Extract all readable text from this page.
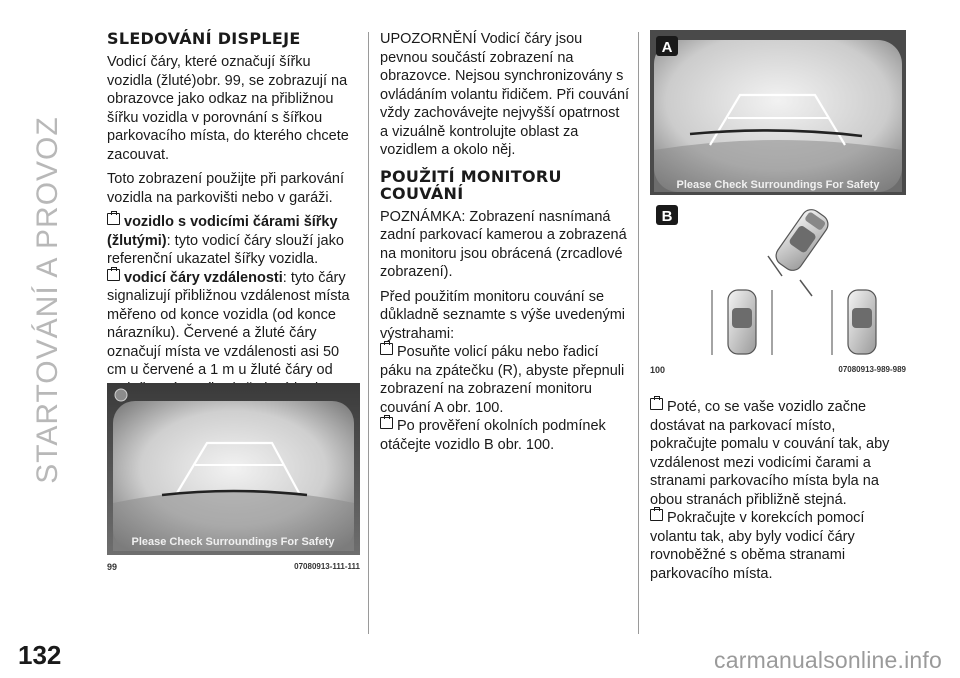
STARTOVÁNÍ A PROVOZ
132
SLEDOVÁNÍ DISPLEJE

Vodicí čáry, které označují šířku vozidla (žluté)obr. 99, se zobrazují na obrazovce jako odkaz na přibližnou šířku vozidla v porovnání s šířkou parkovacího místa, do kterého chcete zacouvat.

Toto zobrazení použijte při parkování vozidla na parkovišti nebo v garáži.

vozidlo s vodicími čárami šířky (žlutými): tyto vodicí čáry slouží jako referenční ukazatel šířky vozidla.

vodicí čáry vzdálenosti: tyto čáry signalizují přibližnou vzdálenost místa měřeno od konce vozidla (od konce nárazníku). Červené a žluté čáry označují místa ve vzdálenosti asi 50 cm u červené a 1 m u žluté čáry od

Please Check Surroundings For Safety
99	07080913-111-111

UPOZORNĚNÍ Vodicí čáry jsou pevnou součástí zobrazení na obrazovce. Nejsou synchronizovány s ovládáním volantu řidičem. Při couvání vždy zachovávejte nejvyšší opatrnost a vizuálně kontrolujte oblast za vozidlem a okolo něj.

POUŽITÍ MONITORU COUVÁNÍ

POZNÁMKA: Zobrazení nasnímaná zadní parkovací kamerou a zobrazená na monitoru jsou obrácená (zrcadlové zobrazení).

Před použitím monitoru couvání se důkladně seznamte s výše uvedenými výstrahami:

Posuňte volicí páku nebo řadicí páku na zpátečku (R), abyste přepnuli zobrazení na zobrazení monitoru couvání A obr. 100.

Po prověření okolních podmínek otáčejte vozidlo B obr. 100.

Please Check Surroundings For Safety
A
B
100	07080913-989-989

Poté, co se vaše vozidlo začne dostávat na parkovací místo, pokračujte pomalu v couvání tak, aby vzdálenost mezi vodicími čarami a stranami parkovacího místa byla na obou stranách přibližně stejná.

Pokračujte v korekcích pomocí volantu tak, aby byly vodicí čáry rovnoběžné s oběma stranami parkovacího místa.

carmanualsonline.info
